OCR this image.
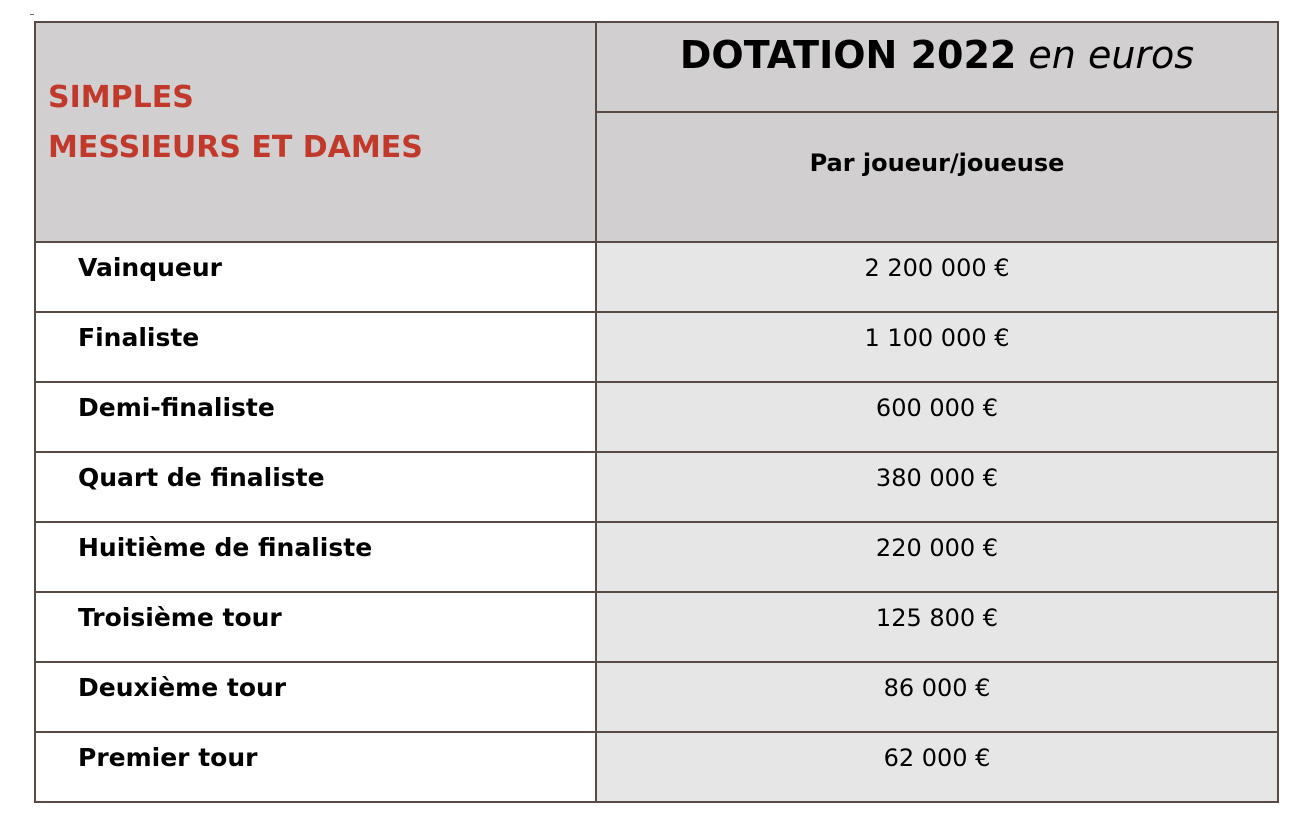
SIMPLES
MESSIEURS ET DAMES	DOTATION 2022 en euros

	Par joueur/joueuse

Vainqueur	2 200 000 €

Finaliste	1 100 000 €

Demi-finaliste	600 000 €

Quart de finaliste	380 000 €

Huitième de finaliste	220 000 €

Troisième tour	125 800 €

Deuxième tour	86 000 €

Premier tour	62 000 €
